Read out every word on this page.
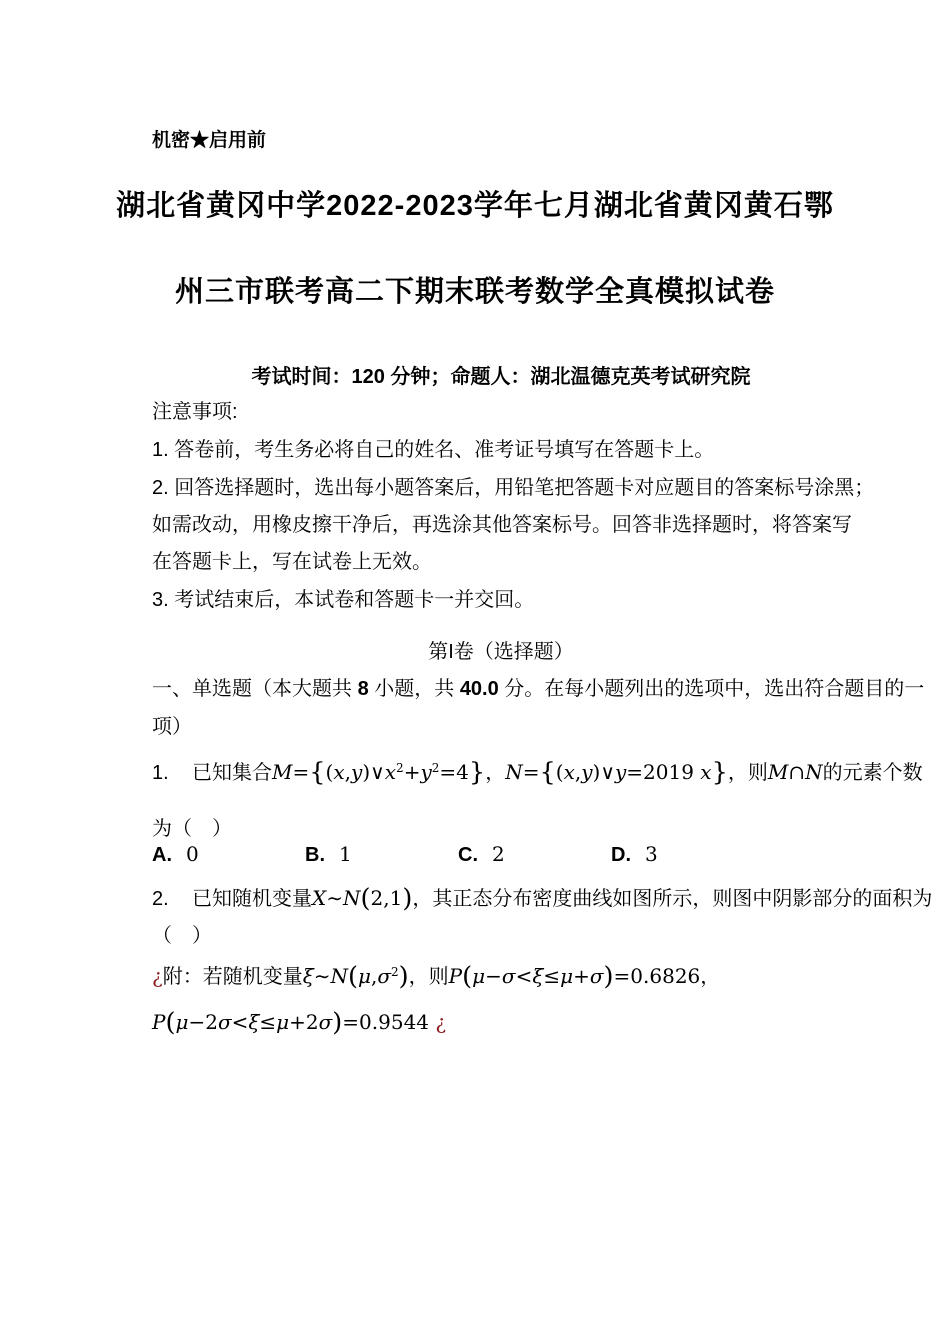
机密★启用前
湖北省黄冈中学2022-2023学年七月湖北省黄冈黄石鄂
州三市联考高二下期末联考数学全真模拟试卷
考试时间：120 分钟；命题人：湖北温德克英考试研究院
注意事项:
1. 答卷前，考生务必将自己的姓名、准考证号填写在答题卡上。
2. 回答选择题时，选出每小题答案后，用铅笔把答题卡对应题目的答案标号涂黑；
如需改动，用橡皮擦干净后，再选涂其他答案标号。回答非选择题时，将答案写
在答题卡上，写在试卷上无效。
3. 考试结束后，本试卷和答题卡一并交回。
第I卷（选择题）
一、单选题（本大题共 8 小题，共 40.0 分。在每小题列出的选项中，选出符合题目的一
项）
1. 已知集合$M=\{(x,y)\vee x^2+y^2=4\}$，N={(x,y)∨y=2019 x}，则M∩N的元素个数
为（　）
A. 0	B. 1	C. 2	D. 3
2. 已知随机变量X∼N(2,1)，其正态分布密度曲线如图所示，则图中阴影部分的面积为
（　）
¿附：若随机变量$\xi\sim N(\mu,\sigma^2)$，则P(μ−σ<ξ≤μ+σ)=0.6826，
P(μ−2σ<ξ≤μ+2σ)=0.9544 ¿
